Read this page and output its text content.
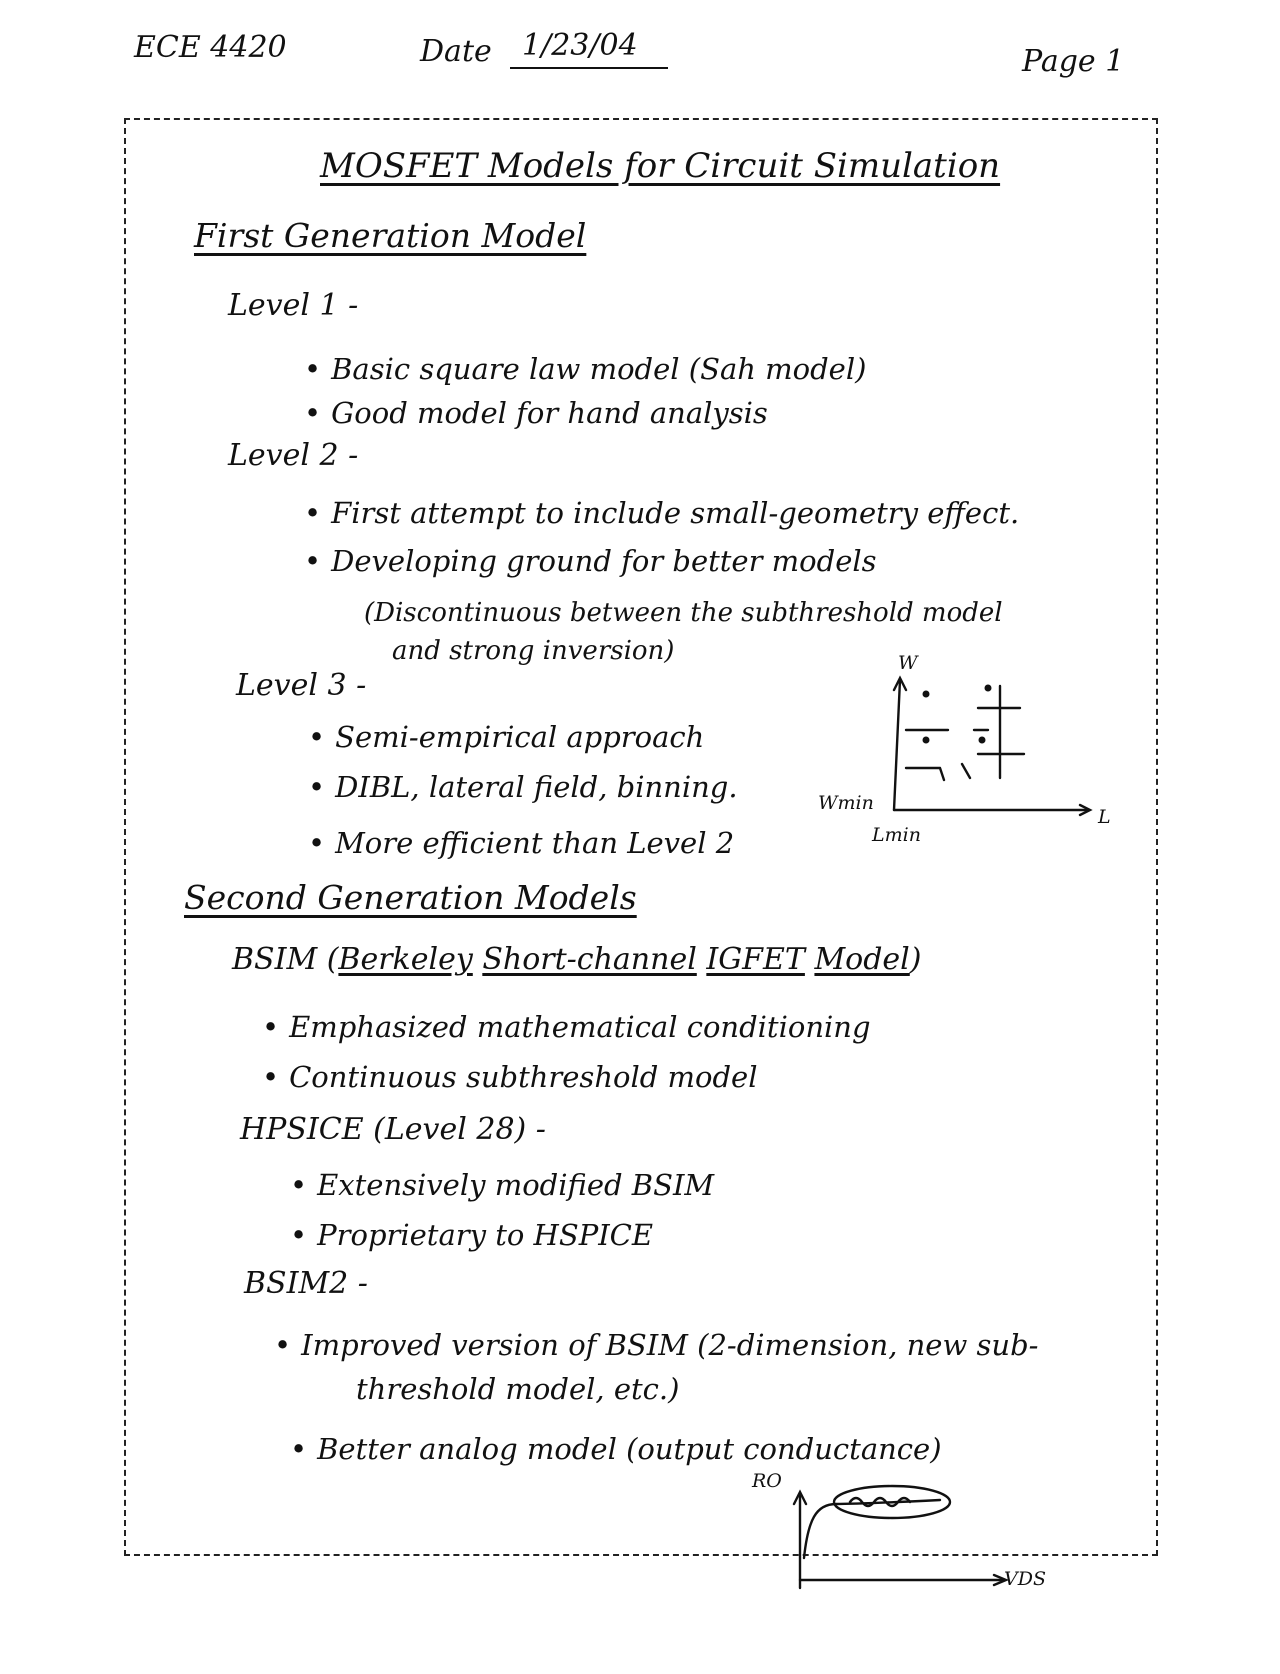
ECE 4420	Date	1/23/04	Page 1
MOSFET Models for Circuit Simulation
First Generation Model
Level 1 -
• Basic square law model (Sah model)
• Good model for hand analysis
Level 2 -
• First attempt to include small-geometry effect.
• Developing ground for better models
(Discontinuous between the subthreshold model
and strong inversion)
Level 3 -
• Semi-empirical approach
• DIBL, lateral field, binning.
• More efficient than Level 2
W
L
Wmin
Lmin
Second Generation Models
BSIM (Berkeley Short-channel IGFET Model)
• Emphasized mathematical conditioning
• Continuous subthreshold model
HPSICE (Level 28) -
• Extensively modified BSIM
• Proprietary to HSPICE
BSIM2 -
• Improved version of BSIM (2-dimension, new sub-
threshold model, etc.)
• Better analog model (output conductance)
RO
VDS
